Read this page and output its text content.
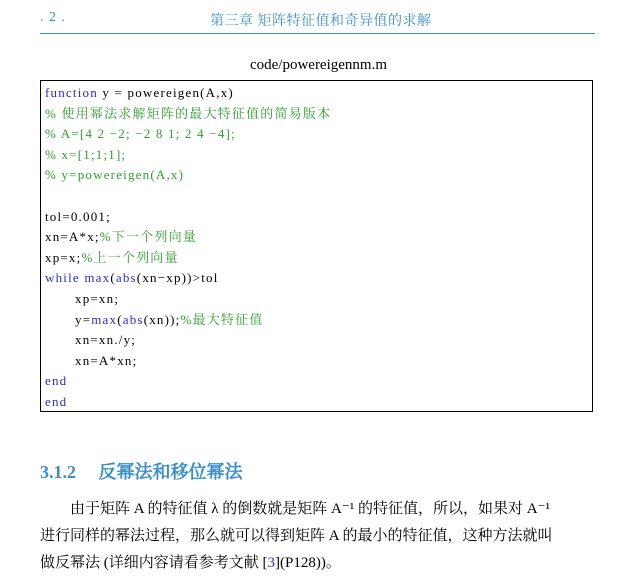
. 2 .	第三章 矩阵特征值和奇异值的求解
code/powereigennm.m
function y = powereigen(A,x)
% 使用幂法求解矩阵的最大特征值的简易版本
% A=[4 2 −2; −2 8 1; 2 4 −4];
% x=[1;1;1];
% y=powereigen(A,x)
tol=0.001;
xn=A*x;%下一个列向量
xp=x;%上一个列向量
while max(abs(xn−xp))>tol
xp=xn;
y=max(abs(xn));%最大特征值
xn=xn./y;
xn=A*xn;
end
end
3.1.2 反幂法和移位幂法
由于矩阵 A 的特征值 λ 的倒数就是矩阵 A⁻¹ 的特征值，所以，如果对 A⁻¹
进行同样的幂法过程，那么就可以得到矩阵 A 的最小的特征值，这种方法就叫
做反幂法 (详细内容请看参考文献 [3](P128))。
